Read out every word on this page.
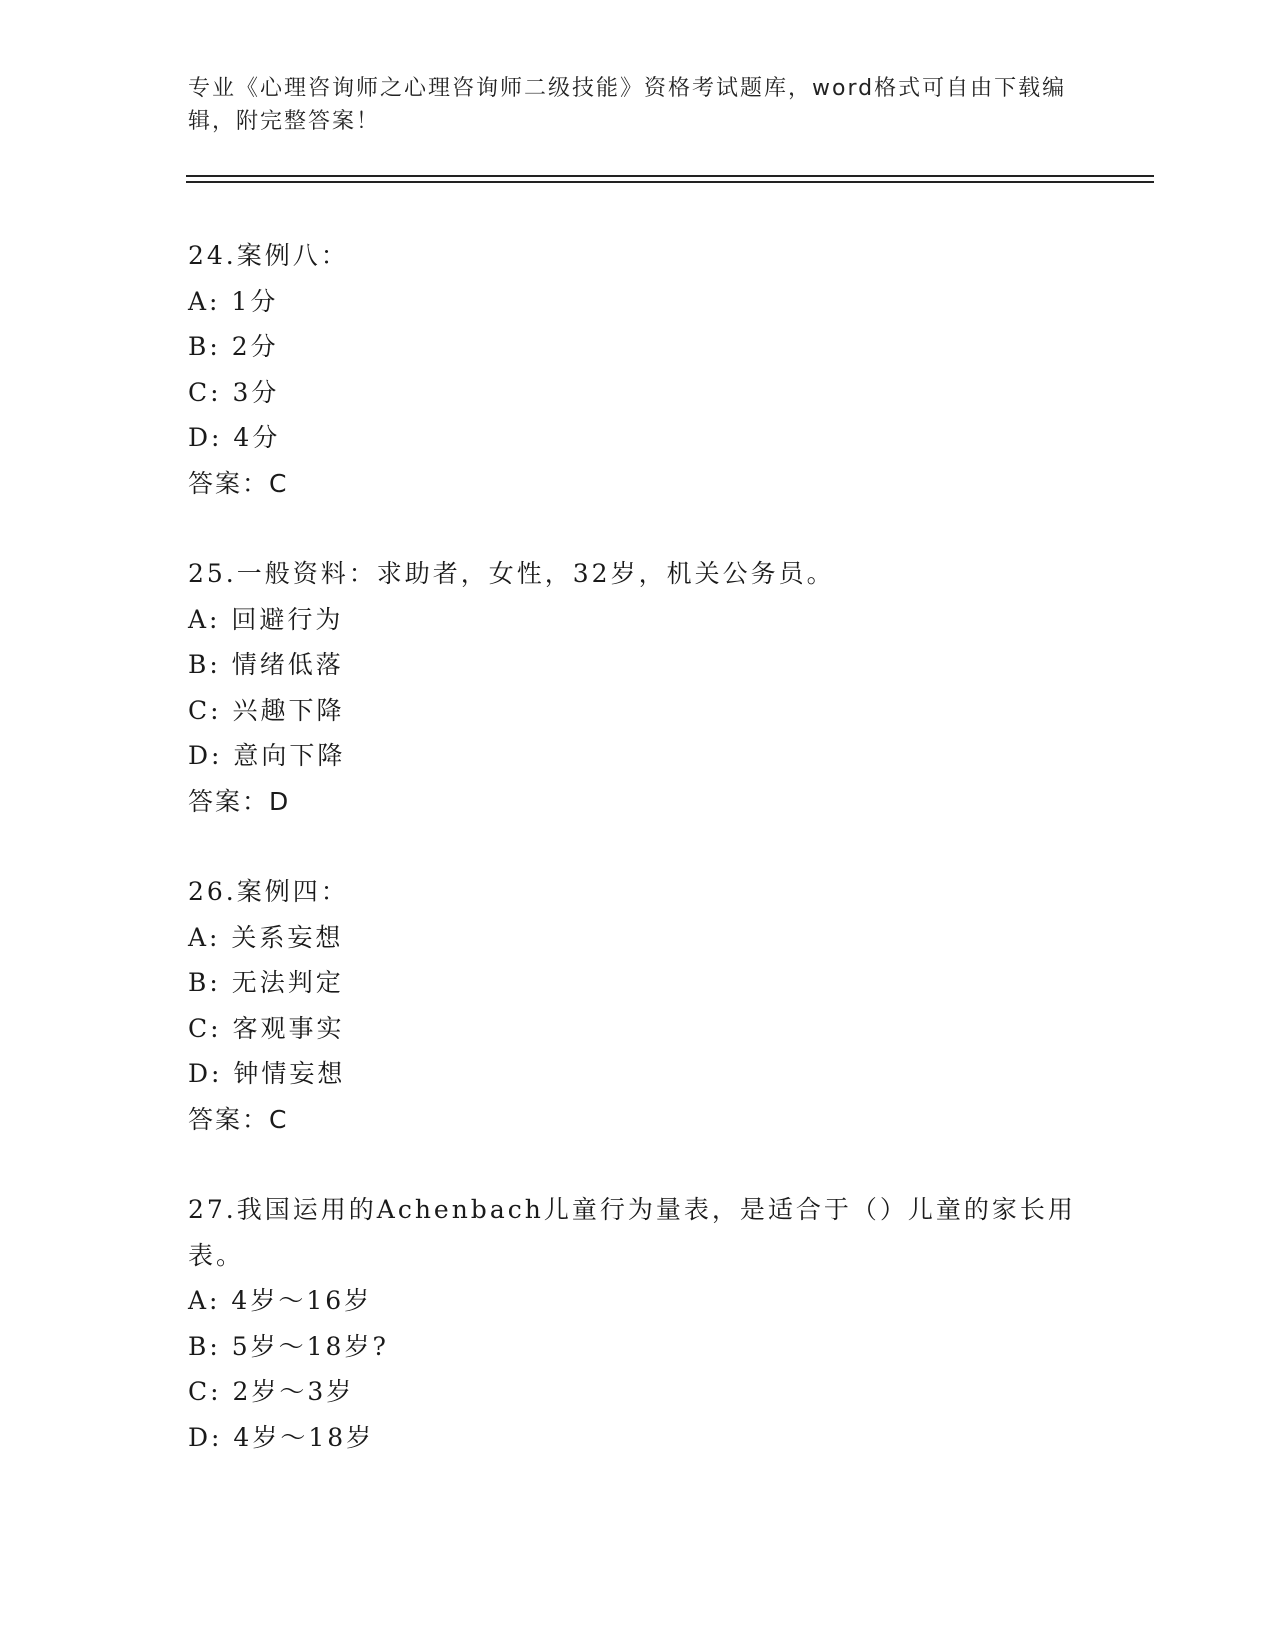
专业《心理咨询师之心理咨询师二级技能》资格考试题库，word格式可自由下载编辑，附完整答案！
24.案例八：
A: 1分
B: 2分
C: 3分
D: 4分
答案：C
25.一般资料：求助者，女性，32岁，机关公务员。
A: 回避行为
B: 情绪低落
C: 兴趣下降
D: 意向下降
答案：D
26.案例四：
A: 关系妄想
B: 无法判定
C: 客观事实
D: 钟情妄想
答案：C
27.我国运用的Achenbach儿童行为量表，是适合于（）儿童的家长用表。
A: 4岁～16岁
B: 5岁～18岁?
C: 2岁～3岁
D: 4岁～18岁
